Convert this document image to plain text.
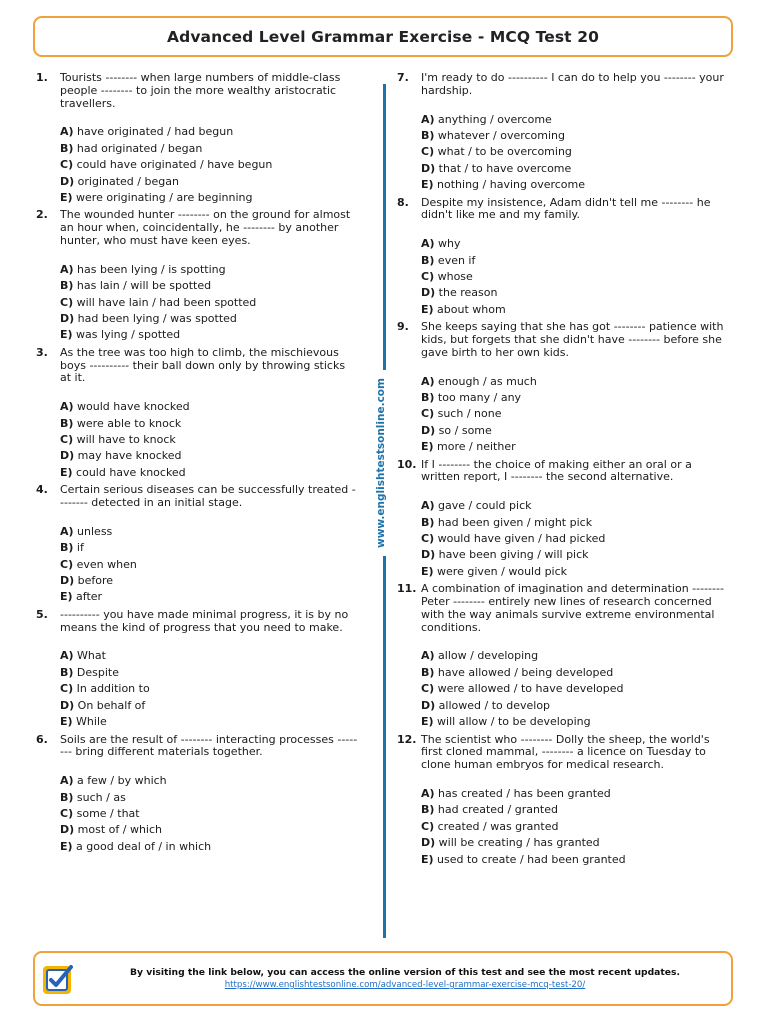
Advanced Level Grammar Exercise - MCQ Test 20
1. Tourists -------- when large numbers of middle-class people -------- to join the more wealthy aristocratic travellers.
A) have originated / had begun
B) had originated / began
C) could have originated / have begun
D) originated / began
E) were originating / are beginning
2. The wounded hunter -------- on the ground for almost an hour when, coincidentally, he -------- by another hunter, who must have keen eyes.
A) has been lying / is spotting
B) has lain / will be spotted
C) will have lain / had been spotted
D) had been lying / was spotted
E) was lying / spotted
3. As the tree was too high to climb, the mischievous boys ---------- their ball down only by throwing sticks at it.
A) would have knocked
B) were able to knock
C) will have to knock
D) may have knocked
E) could have knocked
4. Certain serious diseases can be successfully treated -------- detected in an initial stage.
A) unless
B) if
C) even when
D) before
E) after
5. ---------- you have made minimal progress, it is by no means the kind of progress that you need to make.
A) What
B) Despite
C) In addition to
D) On behalf of
E) While
6. Soils are the result of -------- interacting processes -------- bring different materials together.
A) a few / by which
B) such / as
C) some / that
D) most of / which
E) a good deal of / in which
www.englishtestsonline.com
7. I'm ready to do ---------- I can do to help you -------- your hardship.
A) anything / overcome
B) whatever / overcoming
C) what / to be overcoming
D) that / to have overcome
E) nothing / having overcome
8. Despite my insistence, Adam didn't tell me -------- he didn't like me and my family.
A) why
B) even if
C) whose
D) the reason
E) about whom
9. She keeps saying that she has got -------- patience with kids, but forgets that she didn't have -------- before she gave birth to her own kids.
A) enough / as much
B) too many / any
C) such / none
D) so / some
E) more / neither
10. If I -------- the choice of making either an oral or a written report, I -------- the second alternative.
A) gave / could pick
B) had been given / might pick
C) would have given / had picked
D) have been giving / will pick
E) were given / would pick
11. A combination of imagination and determination -------- Peter -------- entirely new lines of research concerned with the way animals survive extreme environmental conditions.
A) allow / developing
B) have allowed / being developed
C) were allowed / to have developed
D) allowed / to develop
E) will allow / to be developing
12. The scientist who -------- Dolly the sheep, the world's first cloned mammal, -------- a licence on Tuesday to clone human embryos for medical research.
A) has created / has been granted
B) had created / granted
C) created / was granted
D) will be creating / has granted
E) used to create / had been granted
By visiting the link below, you can access the online version of this test and see the most recent updates.
https://www.englishtestsonline.com/advanced-level-grammar-exercise-mcq-test-20/
